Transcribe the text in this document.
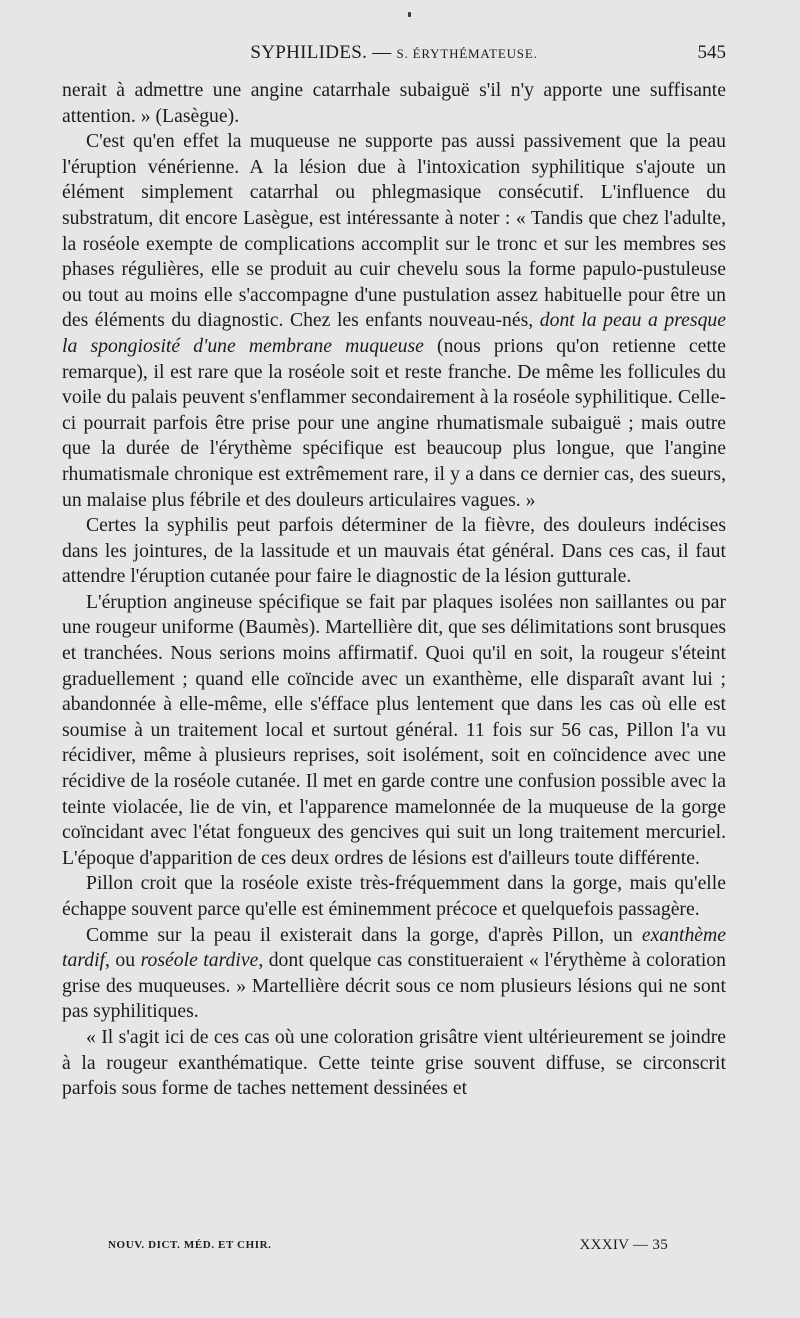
SYPHILIDES. — S. ÉRYTHÉMATEUSE.	545

nerait à admettre une angine catarrhale subaiguë s'il n'y apporte une suffisante attention. » (Lasègue).

C'est qu'en effet la muqueuse ne supporte pas aussi passivement que la peau l'éruption vénérienne. A la lésion due à l'intoxication syphilitique s'ajoute un élément simplement catarrhal ou phlegmasique consécutif. L'influence du substratum, dit encore Lasègue, est intéressante à noter : « Tandis que chez l'adulte, la roséole exempte de complications accomplit sur le tronc et sur les membres ses phases régulières, elle se produit au cuir chevelu sous la forme papulo-pustuleuse ou tout au moins elle s'accompagne d'une pustulation assez habituelle pour être un des éléments du diagnostic. Chez les enfants nouveau-nés, dont la peau a presque la spongiosité d'une membrane muqueuse (nous prions qu'on retienne cette remarque), il est rare que la roséole soit et reste franche. De même les follicules du voile du palais peuvent s'enflammer secondairement à la roséole syphilitique. Celle-ci pourrait parfois être prise pour une angine rhumatismale subaiguë ; mais outre que la durée de l'érythème spécifique est beaucoup plus longue, que l'angine rhumatismale chronique est extrêmement rare, il y a dans ce dernier cas, des sueurs, un malaise plus fébrile et des douleurs articulaires vagues. »

Certes la syphilis peut parfois déterminer de la fièvre, des douleurs indécises dans les jointures, de la lassitude et un mauvais état général. Dans ces cas, il faut attendre l'éruption cutanée pour faire le diagnostic de la lésion gutturale.

L'éruption angineuse spécifique se fait par plaques isolées non saillantes ou par une rougeur uniforme (Baumès). Martellière dit, que ses délimitations sont brusques et tranchées. Nous serions moins affirmatif. Quoi qu'il en soit, la rougeur s'éteint graduellement ; quand elle coïncide avec un exanthème, elle disparaît avant lui ; abandonnée à elle-même, elle s'éfface plus lentement que dans les cas où elle est soumise à un traitement local et surtout général. 11 fois sur 56 cas, Pillon l'a vu récidiver, même à plusieurs reprises, soit isolément, soit en coïncidence avec une récidive de la roséole cutanée. Il met en garde contre une confusion possible avec la teinte violacée, lie de vin, et l'apparence mamelonnée de la muqueuse de la gorge coïncidant avec l'état fongueux des gencives qui suit un long traitement mercuriel. L'époque d'apparition de ces deux ordres de lésions est d'ailleurs toute différente.

Pillon croit que la roséole existe très-fréquemment dans la gorge, mais qu'elle échappe souvent parce qu'elle est éminemment précoce et quelquefois passagère.

Comme sur la peau il existerait dans la gorge, d'après Pillon, un exanthème tardif, ou roséole tardive, dont quelque cas constitueraient « l'érythème à coloration grise des muqueuses. » Martellière décrit sous ce nom plusieurs lésions qui ne sont pas syphilitiques.

« Il s'agit ici de ces cas où une coloration grisâtre vient ultérieurement se joindre à la rougeur exanthématique. Cette teinte grise souvent diffuse, se circonscrit parfois sous forme de taches nettement dessinées et

NOUV. DICT. MÉD. ET CHIR.	XXXIV — 35
